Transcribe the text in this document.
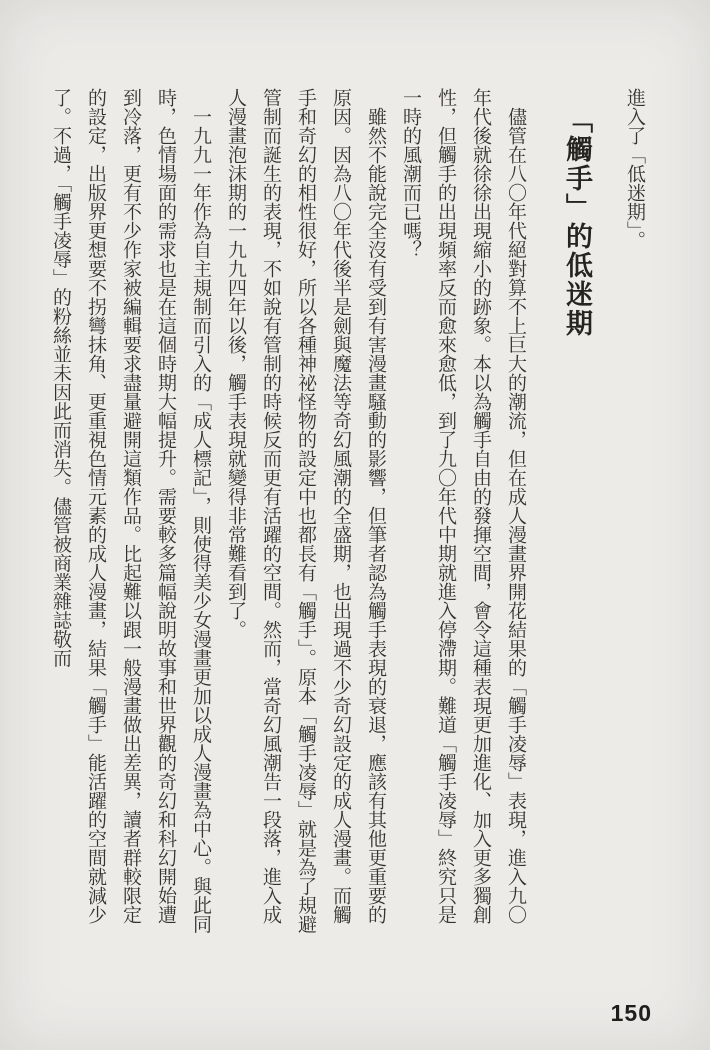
進入了「低迷期」。

「觸手」的低迷期

儘管在八〇年代絕對算不上巨大的潮流，但在成人漫畫界開花結果的「觸手凌辱」表現，進入九〇年代後就徐徐出現縮小的跡象。本以為觸手自由的發揮空間，會令這種表現更加進化、加入更多獨創性，但觸手的出現頻率反而愈來愈低，到了九〇年代中期就進入停滯期。難道「觸手凌辱」終究只是一時的風潮而已嗎？

雖然不能說完全沒有受到有害漫畫騷動的影響，但筆者認為觸手表現的衰退，應該有其他更重要的原因。因為八〇年代後半是劍與魔法等奇幻風潮的全盛期，也出現過不少奇幻設定的成人漫畫。而觸手和奇幻的相性很好，所以各種神祕怪物的設定中也都長有「觸手」。原本「觸手凌辱」就是為了規避管制而誕生的表現，不如說有管制的時候反而更有活躍的空間。然而，當奇幻風潮告一段落，進入成人漫畫泡沫期的一九九四年以後，觸手表現就變得非常難看到了。

一九九一年作為自主規制而引入的「成人標記」，則使得美少女漫畫更加以成人漫畫為中心。與此同時，色情場面的需求也是在這個時期大幅提升。需要較多篇幅說明故事和世界觀的奇幻和科幻開始遭到冷落，更有不少作家被編輯要求盡量避開這類作品。比起難以跟一般漫畫做出差異，讀者群較限定的設定，出版界更想要不拐彎抹角、更重視色情元素的成人漫畫，結果「觸手」能活躍的空間就減少了。不過，「觸手凌辱」的粉絲並未因此而消失。儘管被商業雜誌敬而

150
